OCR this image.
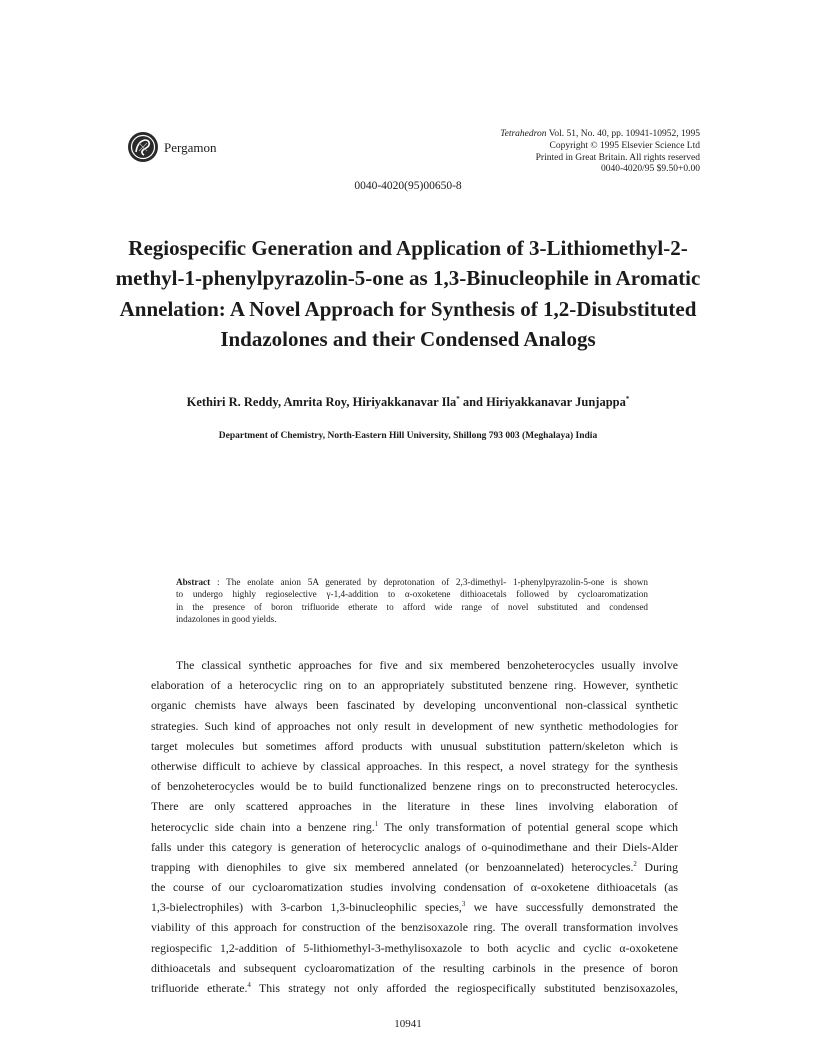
Pergamon
Tetrahedron Vol. 51, No. 40, pp. 10941-10952, 1995
Copyright © 1995 Elsevier Science Ltd
Printed in Great Britain. All rights reserved
0040-4020/95 $9.50+0.00
0040-4020(95)00650-8
Regiospecific Generation and Application of 3-Lithiomethyl-2-
methyl-1-phenylpyrazolin-5-one as 1,3-Binucleophile in Aromatic
Annelation: A Novel Approach for Synthesis of 1,2-Disubstituted
Indazolones and their Condensed Analogs
Kethiri R. Reddy, Amrita Roy, Hiriyakkanavar Ila* and Hiriyakkanavar Junjappa*
Department of Chemistry, North-Eastern Hill University, Shillong 793 003 (Meghalaya) India
Abstract : The enolate anion 5A generated by deprotonation of 2,3-dimethyl- 1-phenylpyrazolin-5-one is shown
to undergo highly regioselective γ-1,4-addition to α-oxoketene dithioacetals followed by cycloaromatization
in the presence of boron trifluoride etherate to afford wide range of novel substituted and condensed
indazolones in good yields.
The classical synthetic approaches for five and six membered benzoheterocycles usually involve
elaboration of a heterocyclic ring on to an appropriately substituted benzene ring. However, synthetic
organic chemists have always been fascinated by developing unconventional non-classical synthetic
strategies. Such kind of approaches not only result in development of new synthetic methodologies for
target molecules but sometimes afford products with unusual substitution pattern/skeleton which is
otherwise difficult to achieve by classical approaches. In this respect, a novel strategy for the synthesis
of benzoheterocycles would be to build functionalized benzene rings on to preconstructed heterocycles.
There are only scattered approaches in the literature in these lines involving elaboration of
heterocyclic side chain into a benzene ring.$^1$ The only transformation of potential general scope which
falls under this category is generation of heterocyclic analogs of o-quinodimethane and their Diels-Alder
trapping with dienophiles to give six membered annelated (or benzoannelated) heterocycles.$^2$ During
the course of our cycloaromatization studies involving condensation of α-oxoketene dithioacetals (as
1,3-bielectrophiles) with 3-carbon 1,3-binucleophilic species,$^3$ we have successfully demonstrated the
viability of this approach for construction of the benzisoxazole ring. The overall transformation involves
regiospecific 1,2-addition of 5-lithiomethyl-3-methylisoxazole to both acyclic and cyclic α-oxoketene
dithioacetals and subsequent cycloaromatization of the resulting carbinols in the presence of boron
trifluoride etherate.$^4$ This strategy not only afforded the regiospecifically substituted benzisoxazoles,
10941
